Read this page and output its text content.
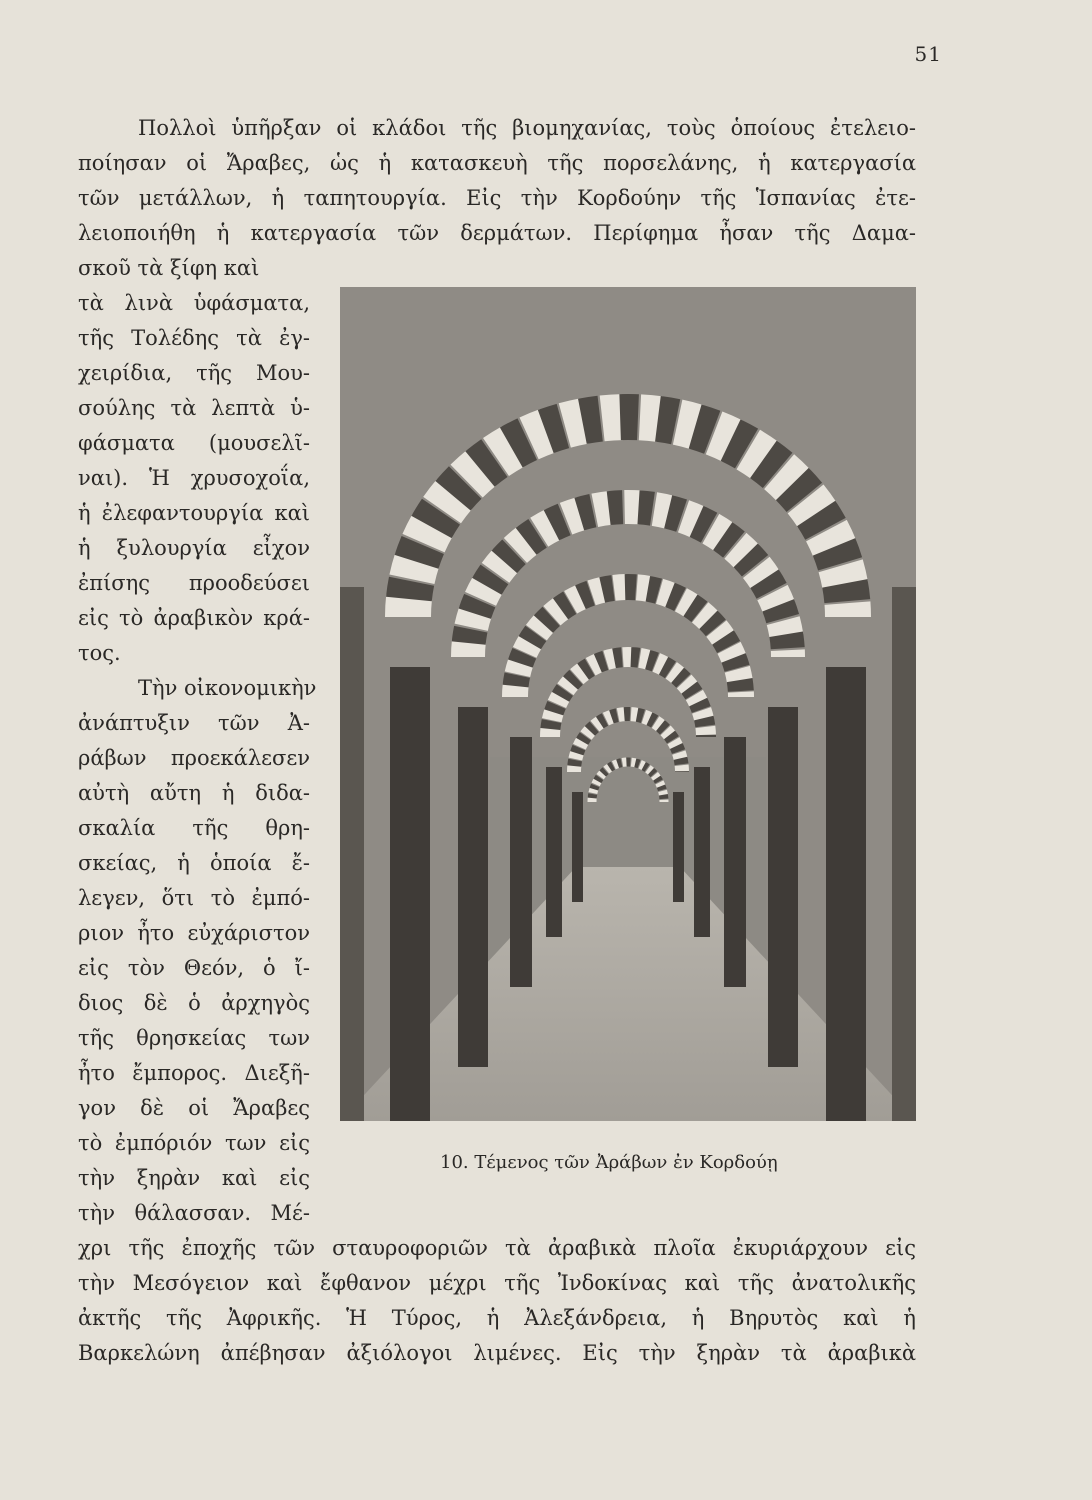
51
Πολλοὶ ὑπῆρξαν οἱ κλάδοι τῆς βιομηχανίας, τοὺς ὁποίους ἐτελειο-
ποίησαν οἱ Ἄραβες, ὡς ἡ κατασκευὴ τῆς πορσελάνης, ἡ κατεργασία
τῶν μετάλλων, ἡ ταπητουργία. Εἰς τὴν Κορδούην τῆς Ἱσπανίας ἐτε-
λειοποιήθη ἡ κατεργασία τῶν δερμάτων. Περίφημα ἦσαν τῆς Δαμα-
σκοῦ τὰ ξίφη καὶ
τὰ λινὰ ὑφάσματα,
τῆς Τολέδης τὰ ἐγ-
χειρίδια, τῆς Μου-
σούλης τὰ λεπτὰ ὑ-
φάσματα (μουσελῖ-
ναι). Ἡ χρυσοχοΐα,
ἡ ἐλεφαντουργία καὶ
ἡ ξυλουργία εἶχον
ἐπίσης προοδεύσει
εἰς τὸ ἀραβικὸν κρά-
τος.
Τὴν οἰκονομικὴν
ἀνάπτυξιν τῶν Ἀ-
ράβων προεκάλεσεν
αὐτὴ αὔτη ἡ διδα-
σκαλία τῆς θρη-
σκείας, ἡ ὁποία ἔ-
λεγεν, ὅτι τὸ ἐμπό-
ριον ἦτο εὐχάριστον
εἰς τὸν Θεόν, ὁ ἴ-
διος δὲ ὁ ἀρχηγὸς
τῆς θρησκείας των
ἦτο ἔμπορος. Διεξῆ-
γον δὲ οἱ Ἄραβες
τὸ ἐμπόριόν των εἰς
τὴν ξηρὰν καὶ εἰς
τὴν θάλασσαν. Μέ-
χρι τῆς ἐποχῆς τῶν σταυροφοριῶν τὰ ἀραβικὰ πλοῖα ἐκυριάρχουν εἰς
τὴν Μεσόγειον καὶ ἔφθανον μέχρι τῆς Ἰνδοκίνας καὶ τῆς ἀνατολικῆς
ἀκτῆς τῆς Ἀφρικῆς. Ἡ Τύρος, ἡ Ἀλεξάνδρεια, ἡ Βηρυτὸς καὶ ἡ
Βαρκελώνη ἀπέβησαν ἀξιόλογοι λιμένες. Εἰς τὴν ξηρὰν τὰ ἀραβικὰ
10. Τέμενος τῶν Ἀράβων ἐν Κορδούῃ
